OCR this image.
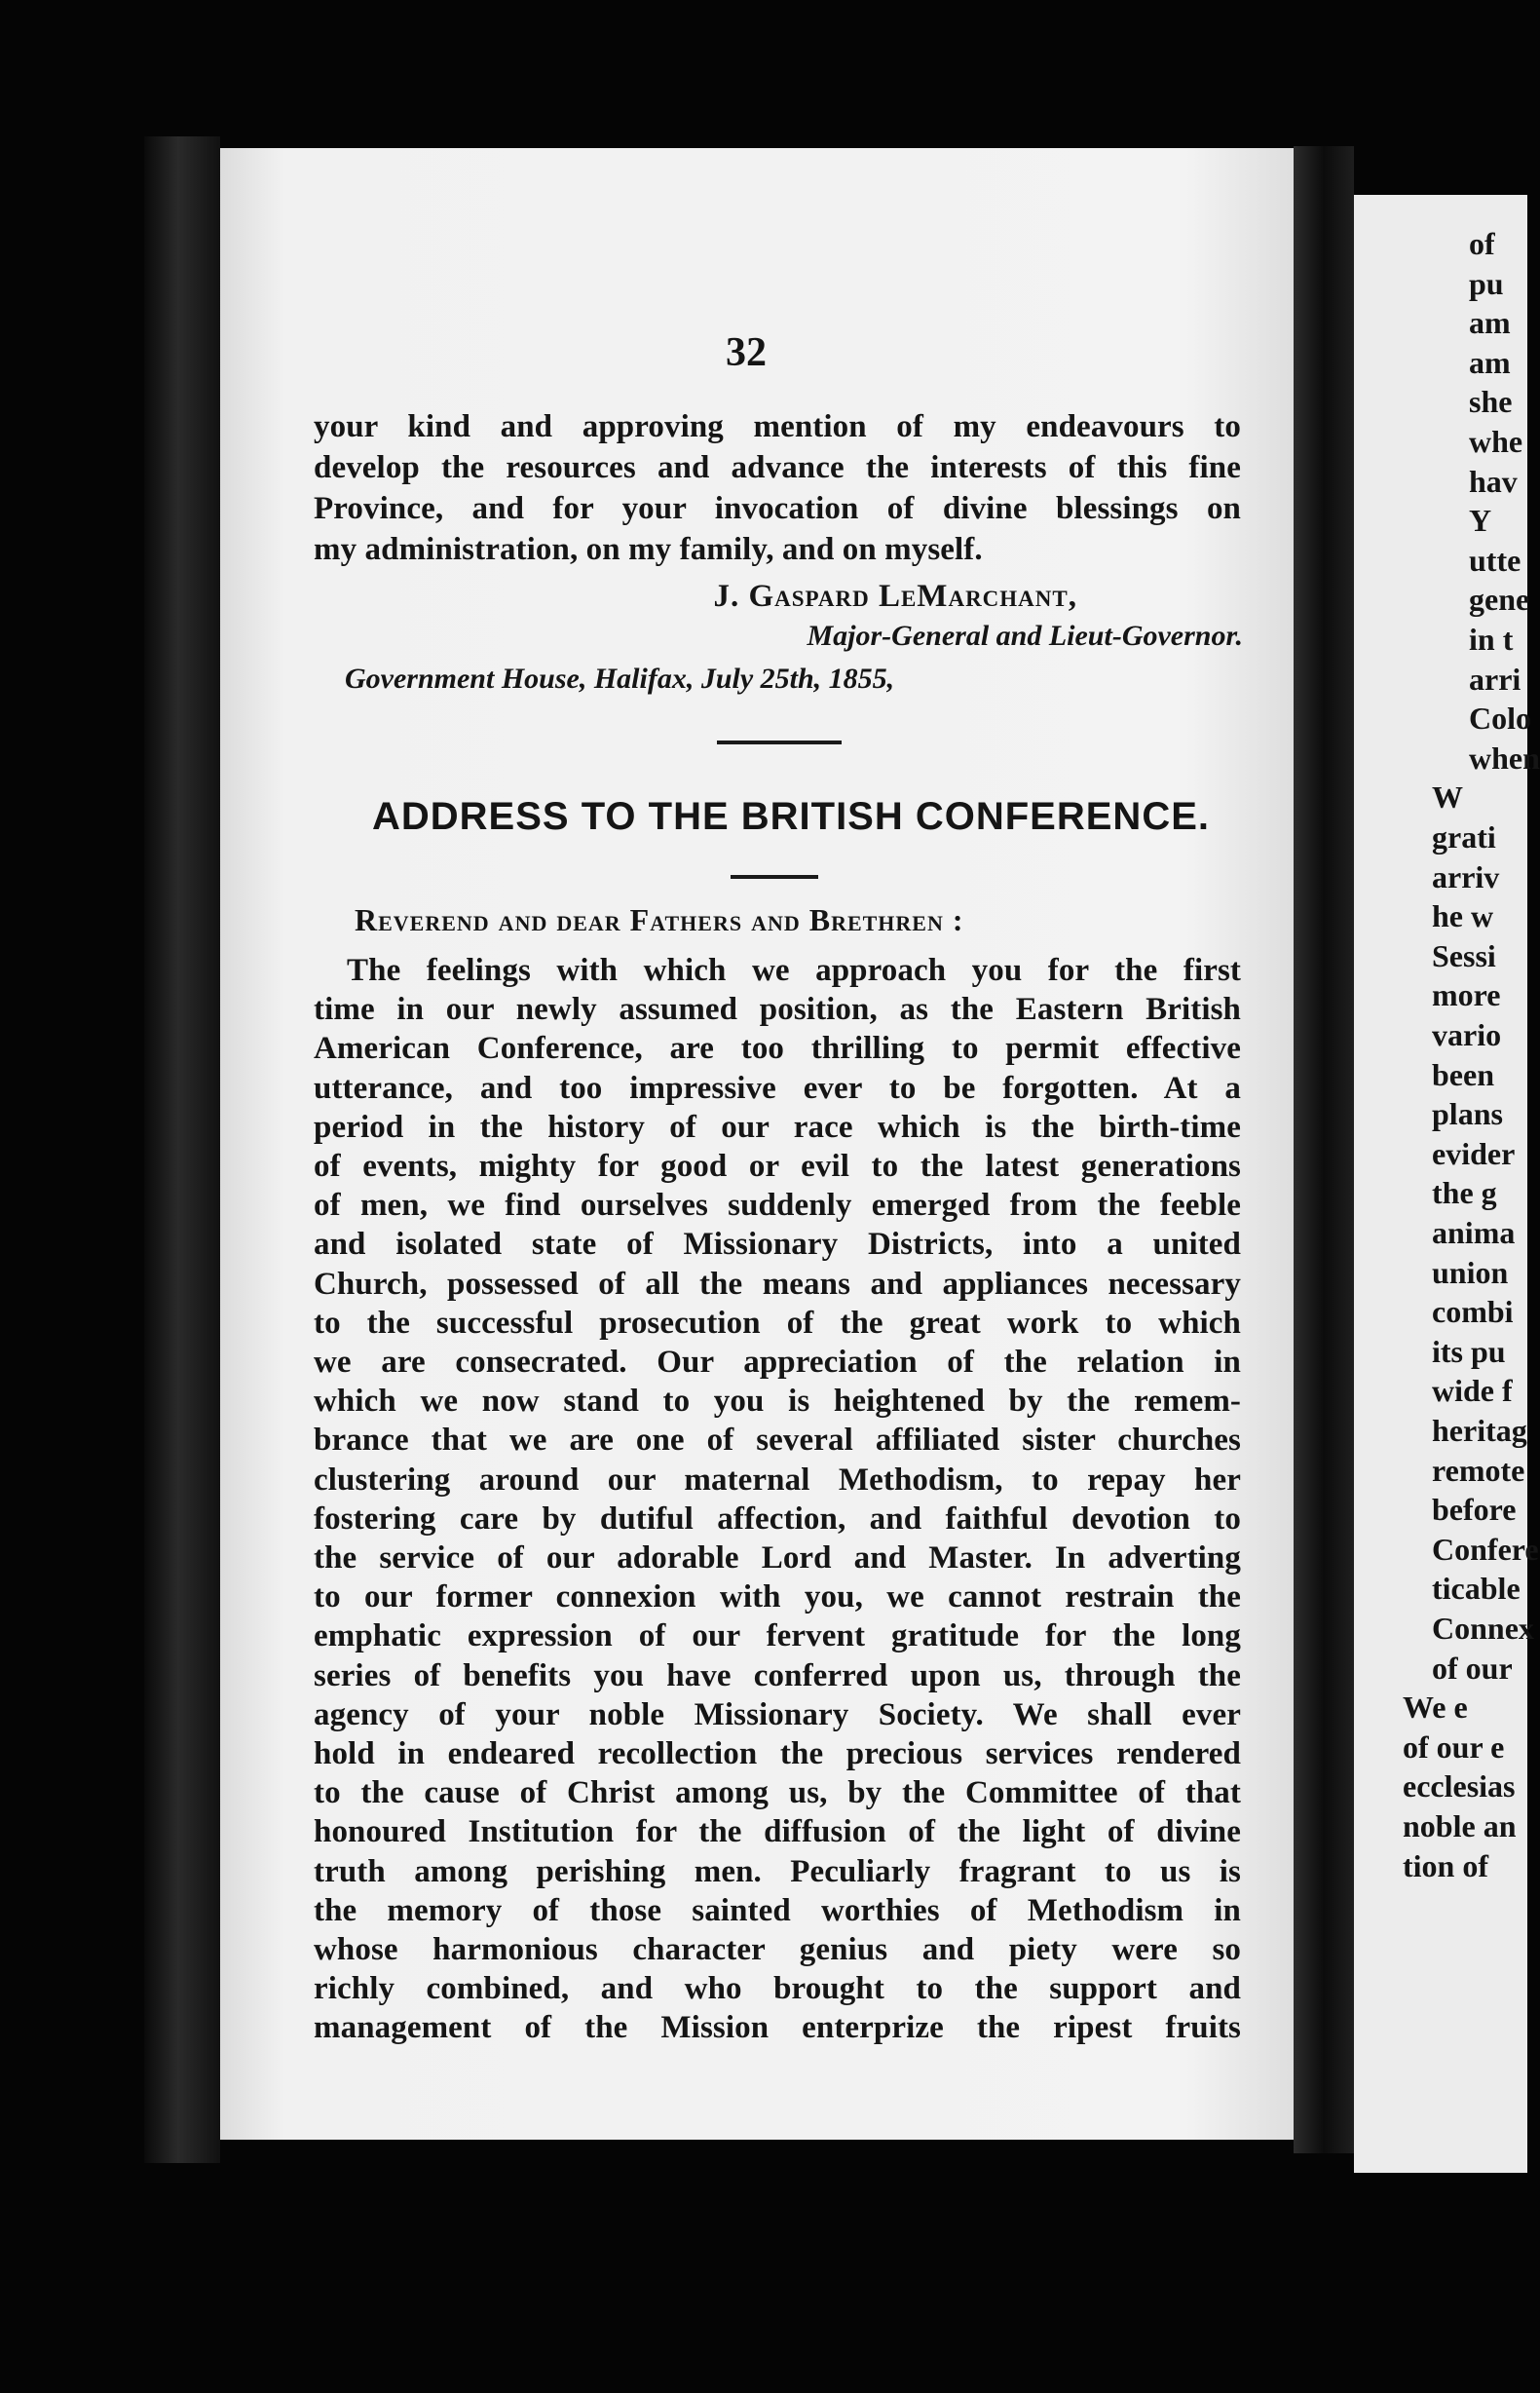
32
your kind and approving mention of my endeavours to
develop the resources and advance the interests of this fine
Province, and for your invocation of divine blessings on
my administration, on my family, and on myself.
J. Gaspard LeMarchant,
Major-General and Lieut-Governor.
Government House, Halifax, July 25th, 1855,
ADDRESS TO THE BRITISH CONFERENCE.
Reverend and dear Fathers and Brethren :
The feelings with which we approach you for the first
time in our newly assumed position, as the Eastern British
American Conference, are too thrilling to permit effective
utterance, and too impressive ever to be forgotten. At a
period in the history of our race which is the birth-time
of events, mighty for good or evil to the latest generations
of men, we find ourselves suddenly emerged from the feeble
and isolated state of Missionary Districts, into a united
Church, possessed of all the means and appliances necessary
to the successful prosecution of the great work to which
we are consecrated. Our appreciation of the relation in
which we now stand to you is heightened by the remem-
brance that we are one of several affiliated sister churches
clustering around our maternal Methodism, to repay her
fostering care by dutiful affection, and faithful devotion to
the service of our adorable Lord and Master. In adverting
to our former connexion with you, we cannot restrain the
emphatic expression of our fervent gratitude for the long
series of benefits you have conferred upon us, through the
agency of your noble Missionary Society. We shall ever
hold in endeared recollection the precious services rendered
to the cause of Christ among us, by the Committee of that
honoured Institution for the diffusion of the light of divine
truth among perishing men. Peculiarly fragrant to us is
the memory of those sainted worthies of Methodism in
whose harmonious character genius and piety were so
richly combined, and who brought to the support and
management of the Mission enterprize the ripest fruits
of
pu
am
am
she
whe
hav
Y
utte
gene
in t
arri
Colo
when
W
grati
arriv
he w
Sessi
more
vario
been
plans
evider
the g
anima
union
combi
its pu
wide f
heritag
remote
before
Confere
ticable
Connex
of our
We e
of our e
ecclesias
noble an
tion of
